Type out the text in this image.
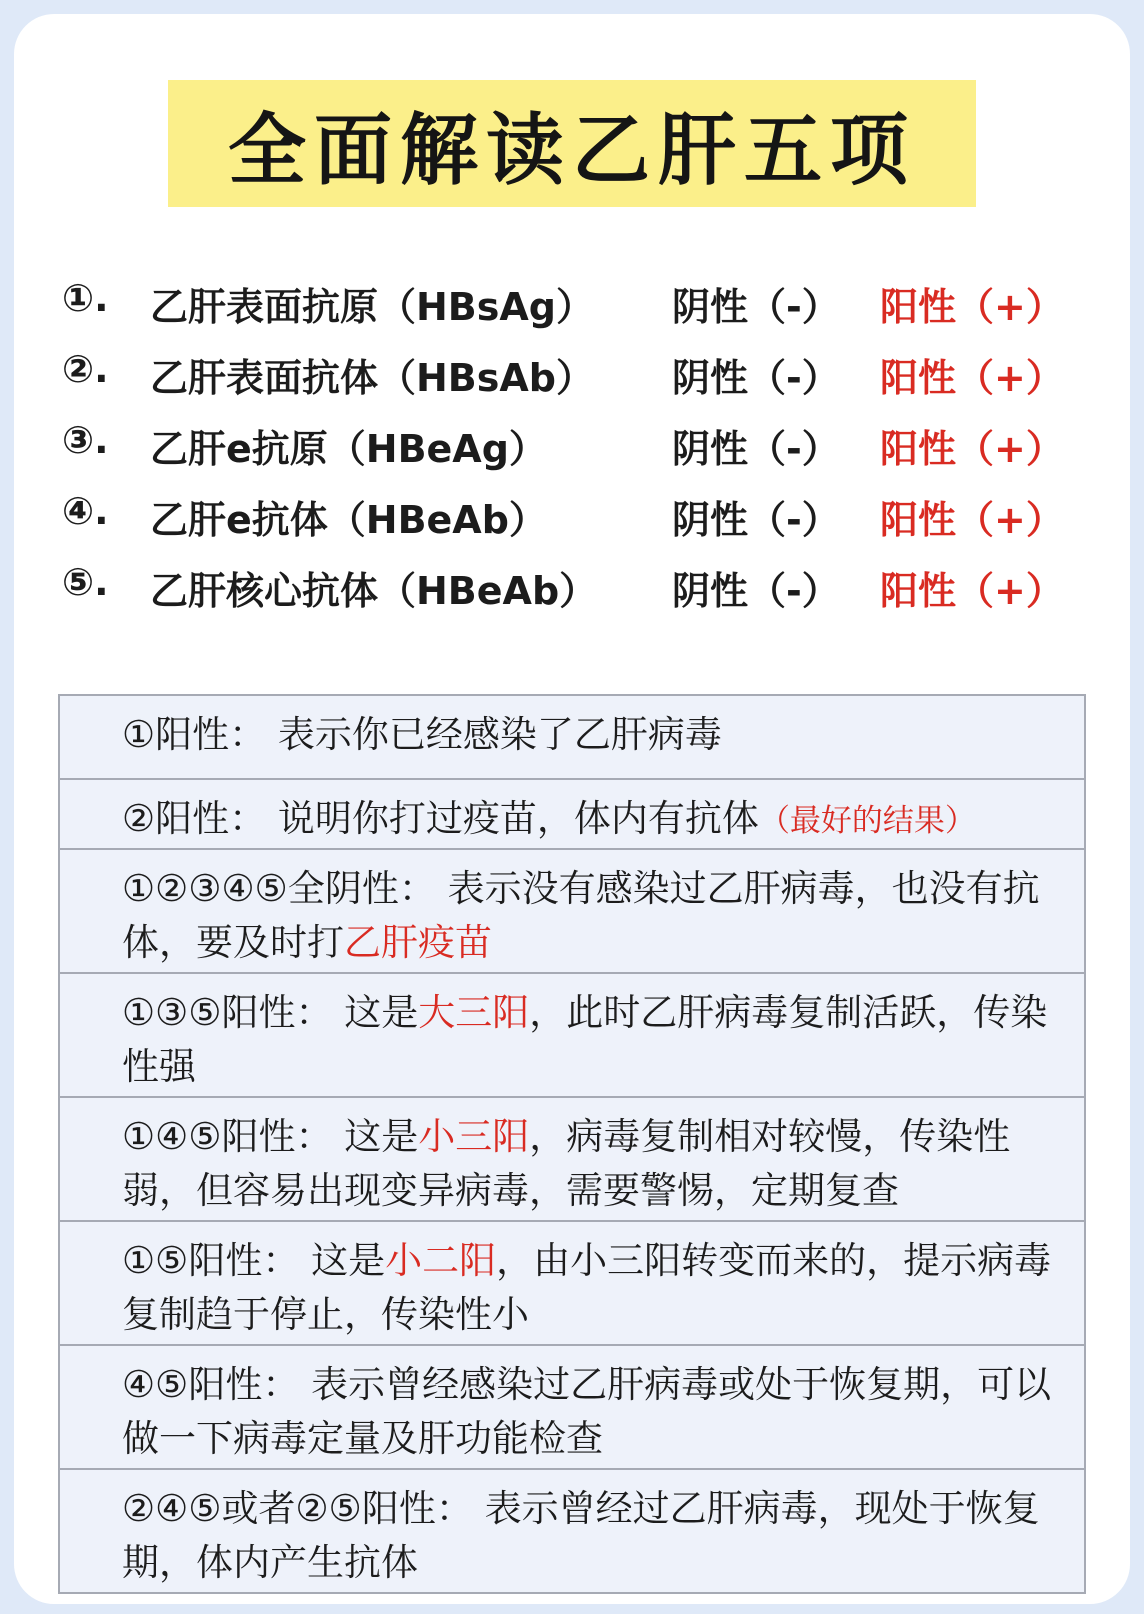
全面解读乙肝五项
①. 乙肝表面抗原（HBsAg） 阴性（-） 阳性（+）
②. 乙肝表面抗体（HBsAb） 阴性（-） 阳性（+）
③. 乙肝e抗原（HBeAg）	阴性（-） 阳性（+）
④. 乙肝e抗体（HBeAb）	阴性（-） 阳性（+）
⑤. 乙肝核心抗体（HBeAb） 阴性（-） 阳性（+）
①阳性： 表示你已经感染了乙肝病毒
②阳性： 说明你打过疫苗，体内有抗体（最好的结果）
①②③④⑤全阴性： 表示没有感染过乙肝病毒，也没有抗体，要及时打乙肝疫苗
①③⑤阳性： 这是大三阳，此时乙肝病毒复制活跃，传染性强
①④⑤阳性： 这是小三阳，病毒复制相对较慢，传染性弱，但容易出现变异病毒，需要警惕，定期复查
①⑤阳性： 这是小二阳，由小三阳转变而来的，提示病毒复制趋于停止，传染性小
④⑤阳性： 表示曾经感染过乙肝病毒或处于恢复期，可以做一下病毒定量及肝功能检查
②④⑤或者②⑤阳性： 表示曾经过乙肝病毒，现处于恢复期，体内产生抗体
